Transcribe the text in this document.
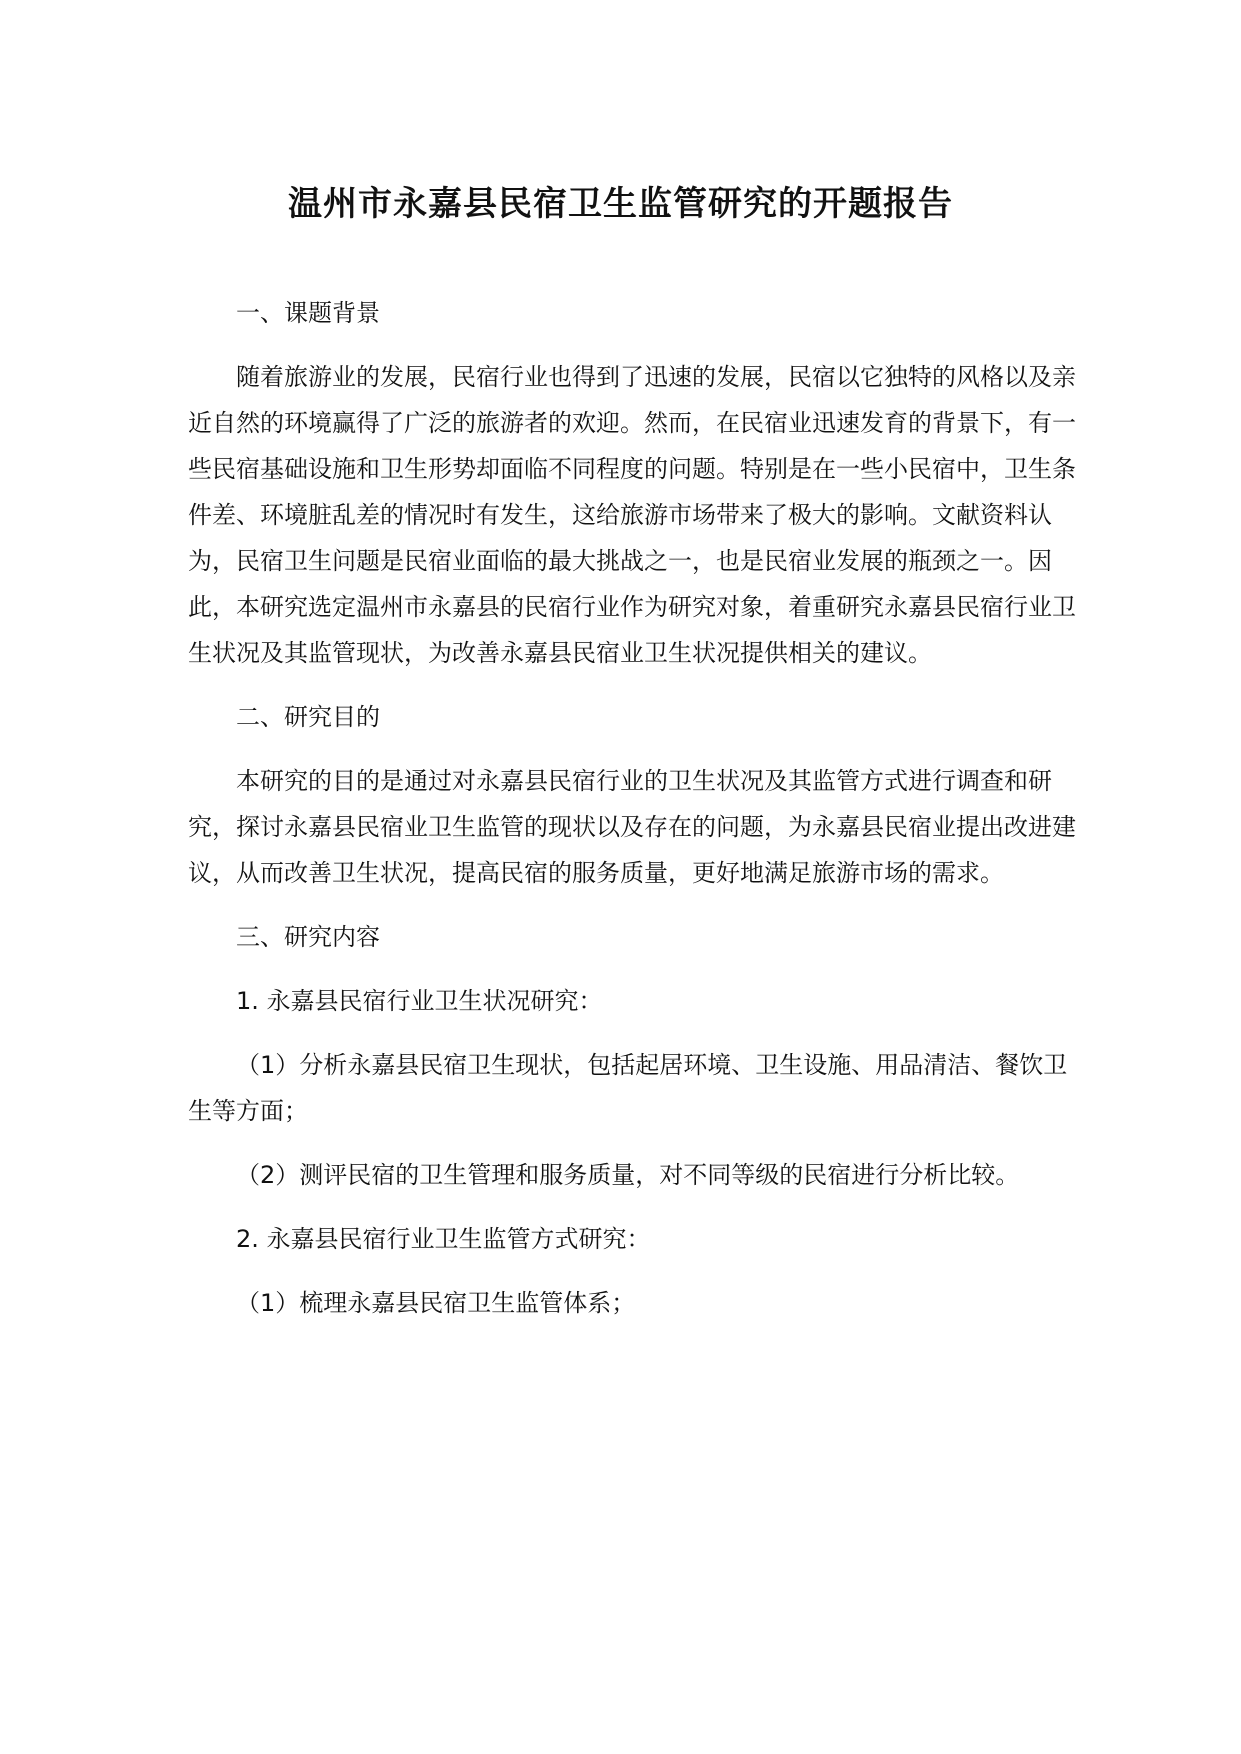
温州市永嘉县民宿卫生监管研究的开题报告

一、课题背景

随着旅游业的发展，民宿行业也得到了迅速的发展，民宿以它独特的风格以及亲近自然的环境赢得了广泛的旅游者的欢迎。然而，在民宿业迅速发育的背景下，有一些民宿基础设施和卫生形势却面临不同程度的问题。特别是在一些小民宿中，卫生条件差、环境脏乱差的情况时有发生，这给旅游市场带来了极大的影响。文献资料认为，民宿卫生问题是民宿业面临的最大挑战之一，也是民宿业发展的瓶颈之一。因此，本研究选定温州市永嘉县的民宿行业作为研究对象，着重研究永嘉县民宿行业卫生状况及其监管现状，为改善永嘉县民宿业卫生状况提供相关的建议。

二、研究目的

本研究的目的是通过对永嘉县民宿行业的卫生状况及其监管方式进行调查和研究，探讨永嘉县民宿业卫生监管的现状以及存在的问题，为永嘉县民宿业提出改进建议，从而改善卫生状况，提高民宿的服务质量，更好地满足旅游市场的需求。

三、研究内容

1. 永嘉县民宿行业卫生状况研究：

（1）分析永嘉县民宿卫生现状，包括起居环境、卫生设施、用品清洁、餐饮卫生等方面；

（2）测评民宿的卫生管理和服务质量，对不同等级的民宿进行分析比较。

2. 永嘉县民宿行业卫生监管方式研究：

（1）梳理永嘉县民宿卫生监管体系；
